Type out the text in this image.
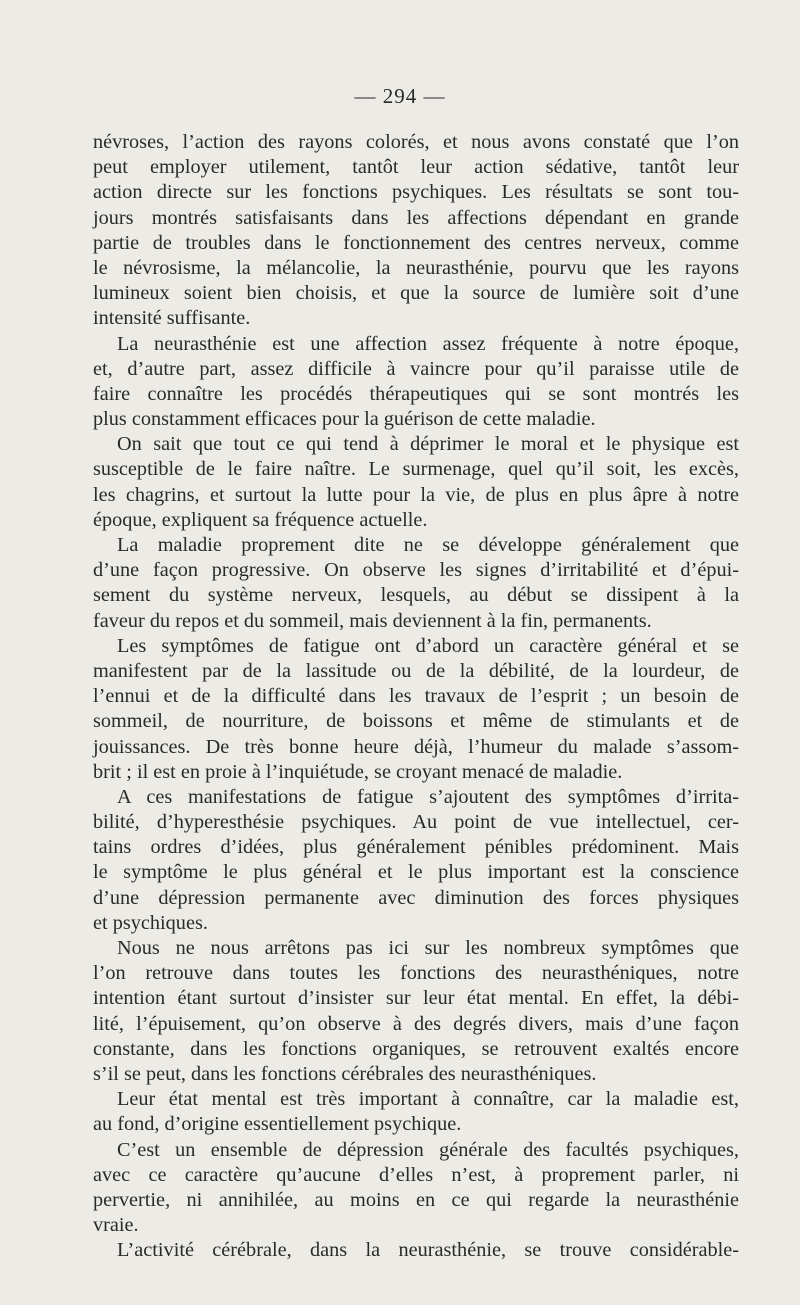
— 294 —
névroses, l’action des rayons colorés, et nous avons constaté que l’on
peut employer utilement, tantôt leur action sédative, tantôt leur
action directe sur les fonctions psychiques. Les résultats se sont tou-
jours montrés satisfaisants dans les affections dépendant en grande
partie de troubles dans le fonctionnement des centres nerveux, comme
le névrosisme, la mélancolie, la neurasthénie, pourvu que les rayons
lumineux soient bien choisis, et que la source de lumière soit d’une
intensité suffisante.
La neurasthénie est une affection assez fréquente à notre époque,
et, d’autre part, assez difficile à vaincre pour qu’il paraisse utile de
faire connaître les procédés thérapeutiques qui se sont montrés les
plus constamment efficaces pour la guérison de cette maladie.
On sait que tout ce qui tend à déprimer le moral et le physique est
susceptible de le faire naître. Le surmenage, quel qu’il soit, les excès,
les chagrins, et surtout la lutte pour la vie, de plus en plus âpre à notre
époque, expliquent sa fréquence actuelle.
La maladie proprement dite ne se développe généralement que
d’une façon progressive. On observe les signes d’irritabilité et d’épui-
sement du système nerveux, lesquels, au début se dissipent à la
faveur du repos et du sommeil, mais deviennent à la fin, permanents.
Les symptômes de fatigue ont d’abord un caractère général et se
manifestent par de la lassitude ou de la débilité, de la lourdeur, de
l’ennui et de la difficulté dans les travaux de l’esprit ; un besoin de
sommeil, de nourriture, de boissons et même de stimulants et de
jouissances. De très bonne heure déjà, l’humeur du malade s’assom-
brit ; il est en proie à l’inquiétude, se croyant menacé de maladie.
A ces manifestations de fatigue s’ajoutent des symptômes d’irrita-
bilité, d’hyperesthésie psychiques. Au point de vue intellectuel, cer-
tains ordres d’idées, plus généralement pénibles prédominent. Mais
le symptôme le plus général et le plus important est la conscience
d’une dépression permanente avec diminution des forces physiques
et psychiques.
Nous ne nous arrêtons pas ici sur les nombreux symptômes que
l’on retrouve dans toutes les fonctions des neurasthéniques, notre
intention étant surtout d’insister sur leur état mental. En effet, la débi-
lité, l’épuisement, qu’on observe à des degrés divers, mais d’une façon
constante, dans les fonctions organiques, se retrouvent exaltés encore
s’il se peut, dans les fonctions cérébrales des neurasthéniques.
Leur état mental est très important à connaître, car la maladie est,
au fond, d’origine essentiellement psychique.
C’est un ensemble de dépression générale des facultés psychiques,
avec ce caractère qu’aucune d’elles n’est, à proprement parler, ni
pervertie, ni annihilée, au moins en ce qui regarde la neurasthénie
vraie.
L’activité cérébrale, dans la neurasthénie, se trouve considérable-
